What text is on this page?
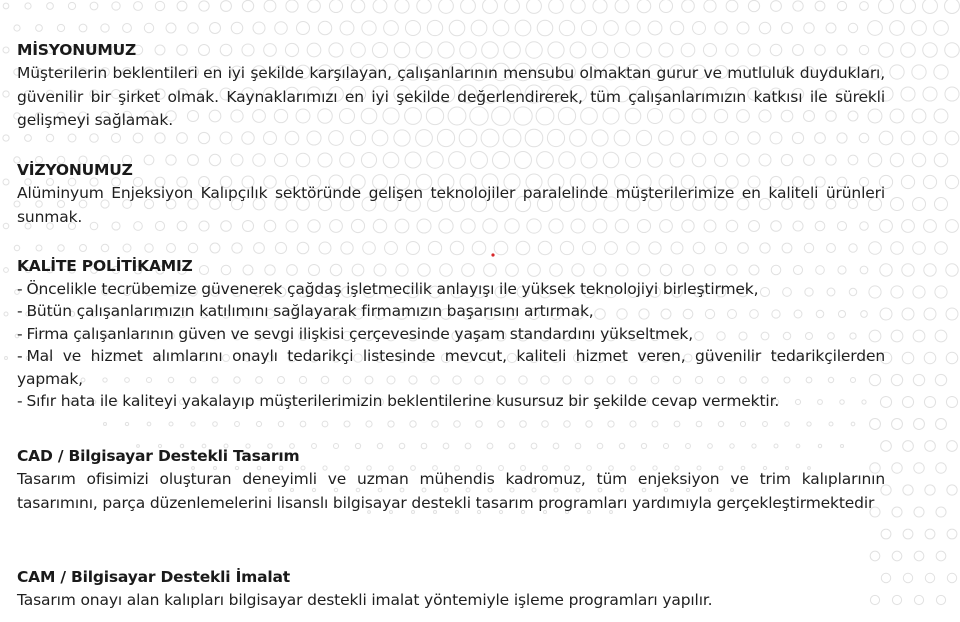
MİSYONUMUZ

Müşterilerin beklentileri en iyi şekilde karşılayan, çalışanlarının mensubu olmaktan gurur ve mutluluk duydukları, güvenilir bir şirket olmak. Kaynaklarımızı en iyi şekilde değerlendirerek, tüm çalışanlarımızın katkısı ile sürekli gelişmeyi sağlamak.

VİZYONUMUZ

Alüminyum Enjeksiyon Kalıpçılık sektöründe gelişen teknolojiler paralelinde müşterilerimize en kaliteli ürünleri sunmak.

KALİTE POLİTİKAMIZ
- Öncelikle tecrübemize güvenerek çağdaş işletmecilik anlayışı ile yüksek teknolojiyi birleştirmek,
- Bütün çalışanlarımızın katılımını sağlayarak firmamızın başarısını artırmak,
- Firma çalışanlarının güven ve sevgi ilişkisi çerçevesinde yaşam standardını yükseltmek,
- Mal ve hizmet alımlarını onaylı tedarikçi listesinde mevcut, kaliteli hizmet veren, güvenilir tedarikçilerden yapmak,
- Sıfır hata ile kaliteyi yakalayıp müşterilerimizin beklentilerine kusursuz bir şekilde cevap vermektir.
CAD / Bilgisayar Destekli Tasarım

Tasarım ofisimizi oluşturan deneyimli ve uzman mühendis kadromuz, tüm enjeksiyon ve trim kalıplarının tasarımını, parça düzenlemelerini lisanslı bilgisayar destekli tasarım programları yardımıyla gerçekleştirmektedir

CAM / Bilgisayar Destekli İmalat

Tasarım onayı alan kalıpları bilgisayar destekli imalat yöntemiyle işleme programları yapılır.
